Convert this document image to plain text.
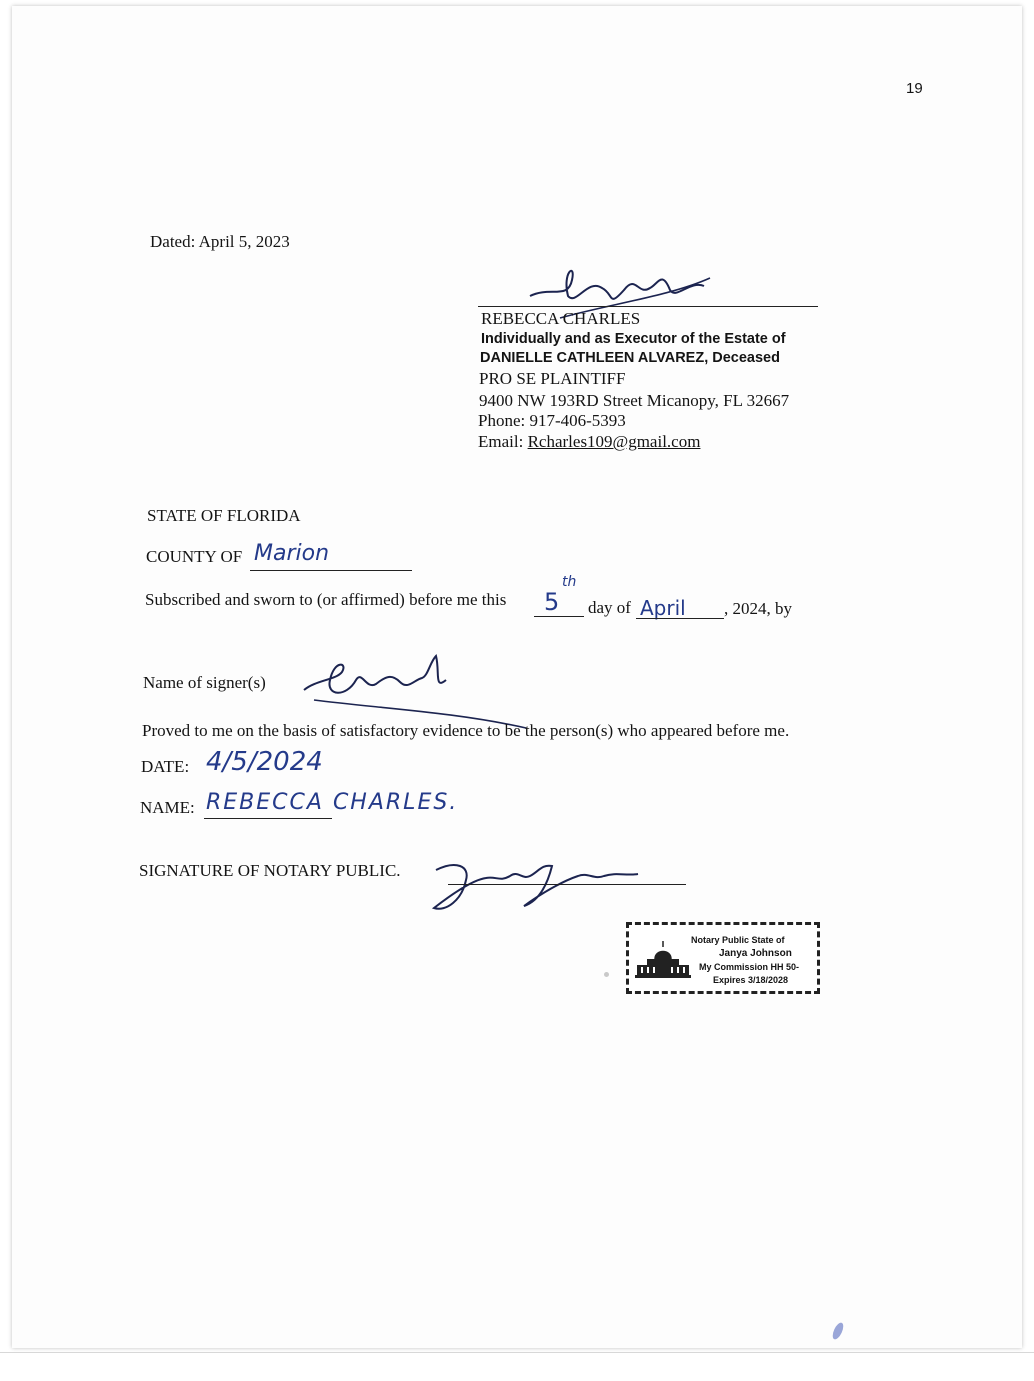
19
Dated: April 5, 2023
REBECCA CHARLES
Individually and as Executor of the Estate of
DANIELLE CATHLEEN ALVAREZ, Deceased
PRO SE PLAINTIFF
9400 NW 193RD Street Micanopy, FL 32667
Phone: 917-406-5393
Email: Rcharles109@gmail.com
STATE OF FLORIDA
COUNTY OF Marion
Subscribed and sworn to (or affirmed) before me this 5
th
day of April , 2024, by
Name of signer(s)
Proved to me on the basis of satisfactory evidence to be the person(s) who appeared before me.
DATE: 4/5/2024
NAME: REBECCA CHARLES.
SIGNATURE OF NOTARY PUBLIC.
Notary Public State of
Janya Johnson
My Commission HH 50-
Expires 3/18/2028
